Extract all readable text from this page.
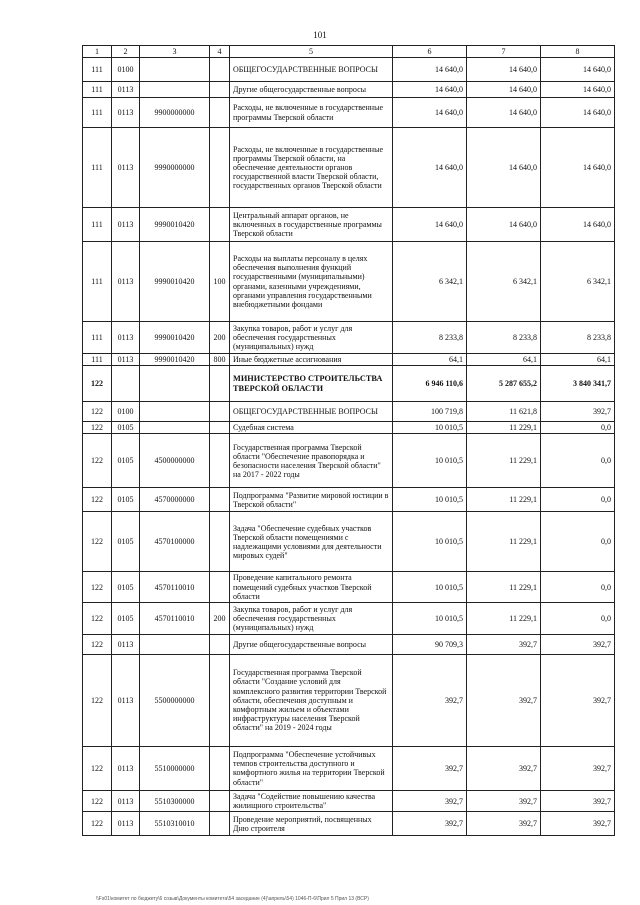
101
1	2	3	4	5	6	7	8
111	0100			ОБЩЕГОСУДАРСТВЕННЫЕ ВОПРОСЫ	14 640,0	14 640,0	14 640,0
111	0113			Другие общегосударственные вопросы	14 640,0	14 640,0	14 640,0
111	0113	9900000000		Расходы, не включенные в государственные программы Тверской области	14 640,0	14 640,0	14 640,0
111	0113	9990000000		Расходы, не включенные в государственные программы Тверской области, на обеспечение деятельности органов государственной власти Тверской области, государственных органов Тверской области	14 640,0	14 640,0	14 640,0
111	0113	9990010420		Центральный аппарат органов, не включенных в государственные программы Тверской области	14 640,0	14 640,0	14 640,0
111	0113	9990010420	100	Расходы на выплаты персоналу в целях обеспечения выполнения функций государственными (муниципальными) органами, казенными учреждениями, органами управления государственными внебюджетными фондами	6 342,1	6 342,1	6 342,1
111	0113	9990010420	200	Закупка товаров, работ и услуг для обеспечения государственных (муниципальных) нужд	8 233,8	8 233,8	8 233,8
111	0113	9990010420	800	Иные бюджетные ассигнования	64,1	64,1	64,1
122				МИНИСТЕРСТВО СТРОИТЕЛЬСТВА ТВЕРСКОЙ ОБЛАСТИ	6 946 110,6	5 287 655,2	3 840 341,7
122	0100			ОБЩЕГОСУДАРСТВЕННЫЕ ВОПРОСЫ	100 719,8	11 621,8	392,7
122	0105			Судебная система	10 010,5	11 229,1	0,0
122	0105	4500000000		Государственная программа Тверской области "Обеспечение правопорядка и безопасности населения Тверской области" на 2017 - 2022 годы	10 010,5	11 229,1	0,0
122	0105	4570000000		Подпрограмма "Развитие мировой юстиции в Тверской области"	10 010,5	11 229,1	0,0
122	0105	4570100000		Задача "Обеспечение судебных участков Тверской области помещениями с надлежащими условиями для деятельности мировых судей"	10 010,5	11 229,1	0,0
122	0105	4570110010		Проведение капитального ремонта помещений судебных участков Тверской области	10 010,5	11 229,1	0,0
122	0105	4570110010	200	Закупка товаров, работ и услуг для обеспечения государственных (муниципальных) нужд	10 010,5	11 229,1	0,0
122	0113			Другие общегосударственные вопросы	90 709,3	392,7	392,7
122	0113	5500000000		Государственная программа Тверской области "Создание условий для комплексного развития территории Тверской области, обеспечения доступным и комфортным жильем и объектами инфраструктуры населения Тверской области" на 2019 - 2024 годы	392,7	392,7	392,7
122	0113	5510000000		Подпрограмма "Обеспечение устойчивых темпов строительства доступного и комфортного жилья на территории Тверской области"	392,7	392,7	392,7
122	0113	5510300000		Задача "Содействие повышению качества жилищного строительства"	392,7	392,7	392,7
122	0113	5510310010		Проведение мероприятий, посвященных Дню строителя	392,7	392,7	392,7
\\Fs01\комитет по бюджету\6 созыв\Документы комитета\54 заседание (4)\апрель\54) 1046-П-6\Прил 5 Прил 13 (ВСР)
